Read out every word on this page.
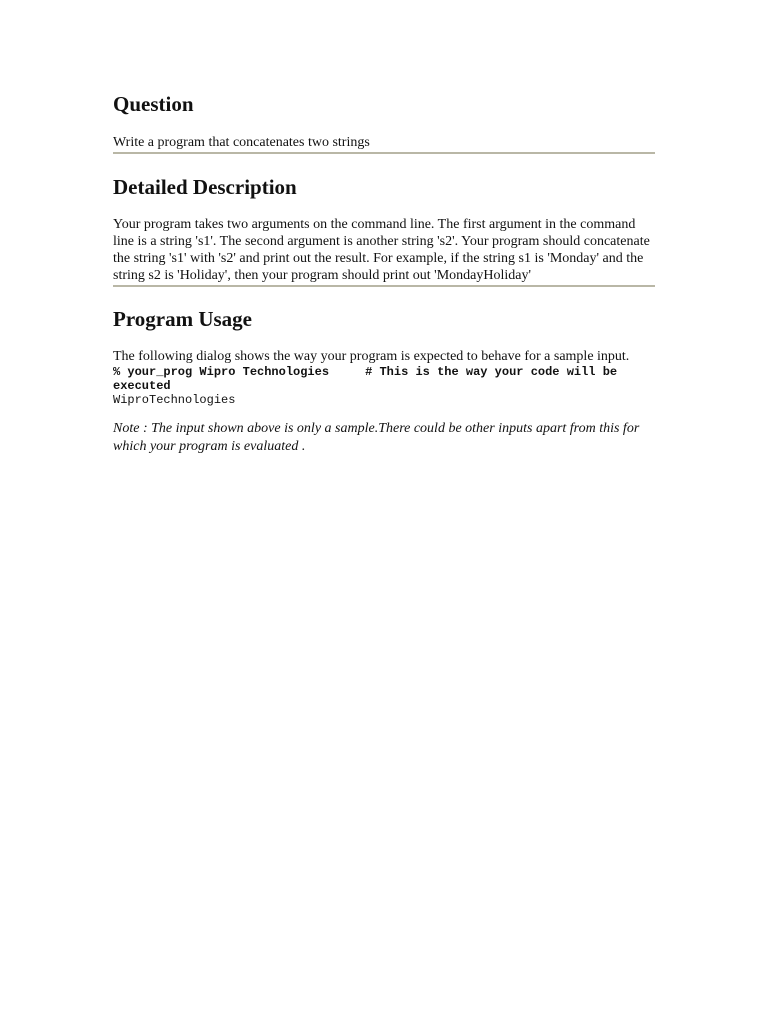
Question

Write a program that concatenates two strings

Detailed Description

Your program takes two arguments on the command line. The first argument in the command line is a string 's1'. The second argument is another string 's2'. Your program should concatenate the string 's1' with 's2' and print out the result. For example, if the string s1 is 'Monday' and the string s2 is 'Holiday', then your program should print out 'MondayHoliday'

Program Usage

The following dialog shows the way your program is expected to behave for a sample input.

% your_prog Wipro Technologies	# This is the way your code will be executed
WiproTechnologies

Note : The input shown above is only a sample.There could be other inputs apart from this for which your program is evaluated .
